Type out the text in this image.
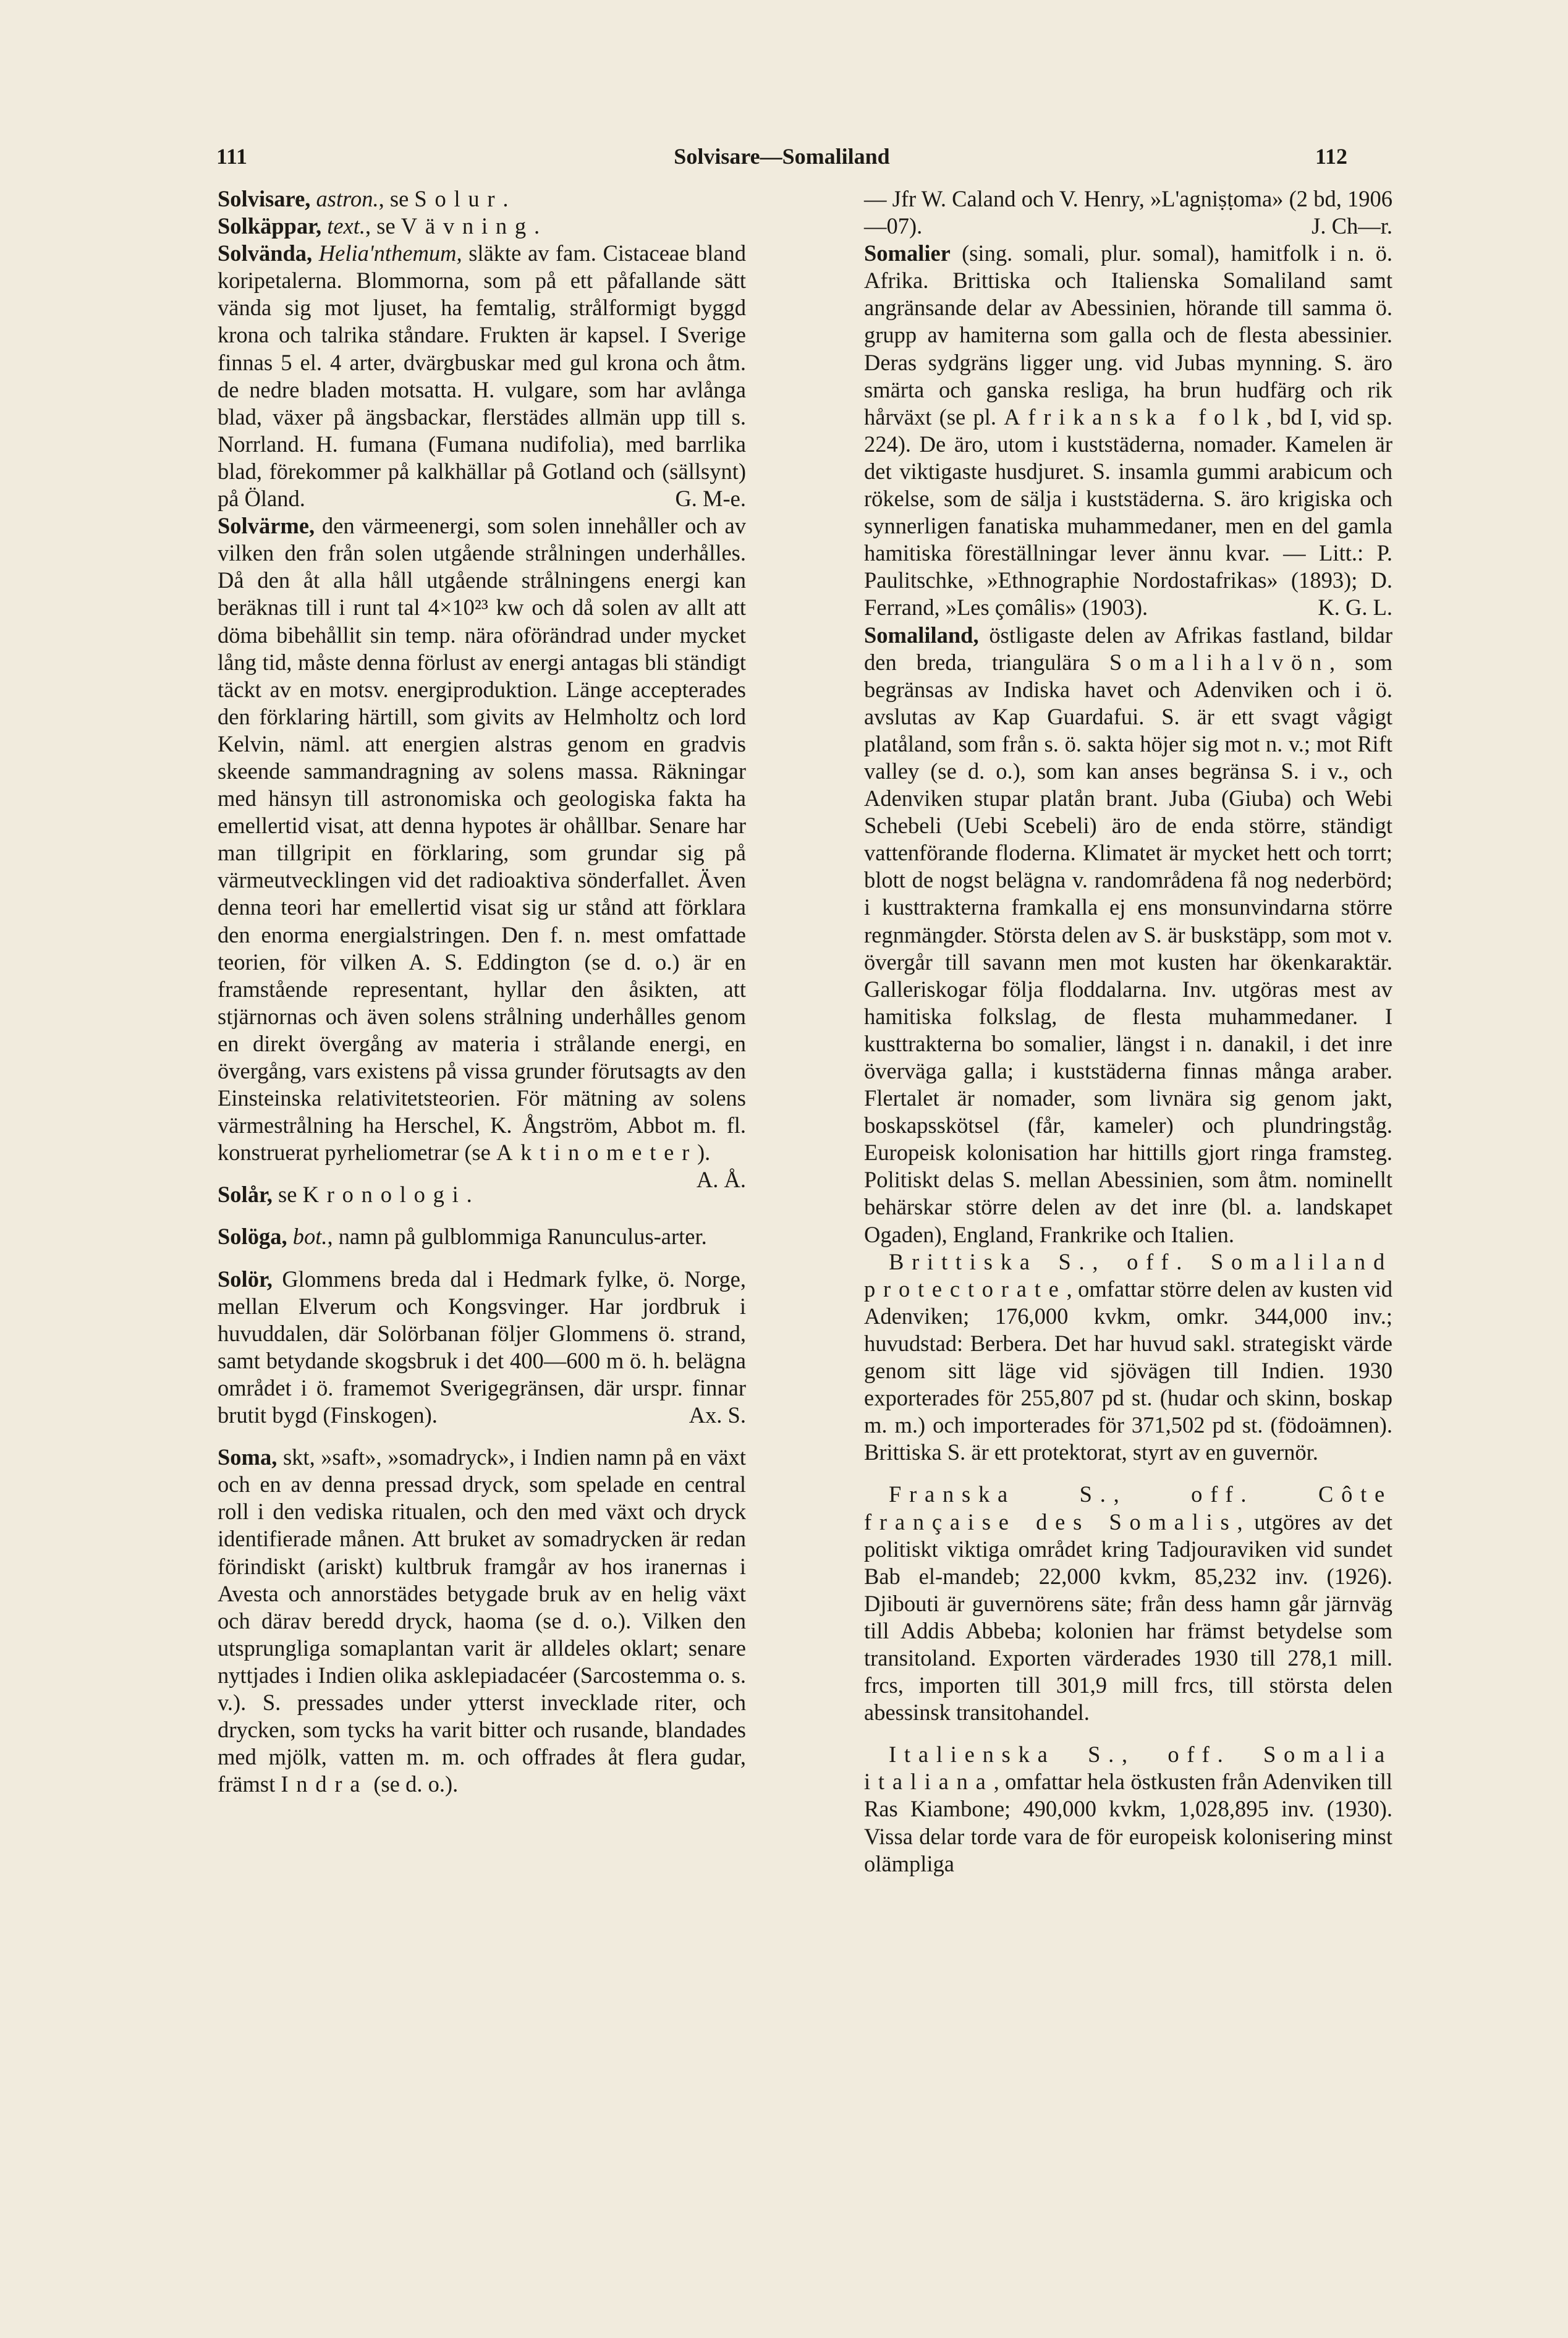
111	Solvisare—Somaliland	112

Solvisare, astron., se Solur.

Solkäppar, text., se Vävning.

Solvända, Helia'nthemum, släkte av fam. Cistaceae bland koripetalerna. Blommorna, som på ett påfallande sätt vända sig mot ljuset, ha femtalig, strålformigt byggd krona och talrika ståndare. Frukten är kapsel. I Sverige finnas 5 el. 4 arter, dvärgbuskar med gul krona och åtm. de nedre bladen motsatta. H. vulgare, som har avlånga blad, växer på ängsbackar, flerstädes allmän upp till s. Norrland. H. fumana (Fumana nudifolia), med barrlika blad, förekommer på kalkhällar på Gotland och (sällsynt) på Öland.	G. M-e.

Solvärme, den värmeenergi, som solen innehåller och av vilken den från solen utgående strålningen underhålles. Då den åt alla håll utgående strålningens energi kan beräknas till i runt tal 4×10²³ kw och då solen av allt att döma bibehållit sin temp. nära oförändrad under mycket lång tid, måste denna förlust av energi antagas bli ständigt täckt av en motsv. energiproduktion. Länge accepterades den förklaring härtill, som givits av Helmholtz och lord Kelvin, näml. att energien alstras genom en gradvis skeende sammandragning av solens massa. Räkningar med hänsyn till astronomiska och geologiska fakta ha emellertid visat, att denna hypotes är ohållbar. Senare har man tillgripit en förklaring, som grundar sig på värmeutvecklingen vid det radioaktiva sönderfallet. Även denna teori har emellertid visat sig ur stånd att förklara den enorma energialstringen. Den f. n. mest omfattade teorien, för vilken A. S. Eddington (se d. o.) är en framstående representant, hyllar den åsikten, att stjärnornas och även solens strålning underhålles genom en direkt övergång av materia i strålande energi, en övergång, vars existens på vissa grunder förutsagts av den Einsteinska relativitetsteorien. För mätning av solens värmestrålning ha Herschel, K. Ångström, Abbot m. fl. konstruerat pyrheliometrar (se Aktinometer).
A. Å.

Solår, se Kronologi.

Solöga, bot., namn på gulblommiga Ranunculus-arter.

Solör, Glommens breda dal i Hedmark fylke, ö. Norge, mellan Elverum och Kongsvinger. Har jordbruk i huvuddalen, där Solörbanan följer Glommens ö. strand, samt betydande skogsbruk i det 400—600 m ö. h. belägna området i ö. framemot Sverigegränsen, där urspr. finnar brutit bygd (Finskogen).	Ax. S.

Soma, skt, »saft», »somadryck», i Indien namn på en växt och en av denna pressad dryck, som spelade en central roll i den vediska ritualen, och den med växt och dryck identifierade månen. Att bruket av somadrycken är redan förindiskt (ariskt) kultbruk framgår av hos iranernas i Avesta och annorstädes betygade bruk av en helig växt och därav beredd dryck, haoma (se d. o.). Vilken den utsprungliga somaplantan varit är alldeles oklart; senare nyttjades i Indien olika asklepiadacéer (Sarcostemma o. s. v.). S. pressades under ytterst invecklade riter, och drycken, som tycks ha varit bitter och rusande, blandades med mjölk, vatten m. m. och offrades åt flera gudar, främst Indra (se d. o.).

— Jfr W. Caland och V. Henry, »L'agniṣṭoma» (2 bd, 1906—07).	J. Ch—r.

Somalier (sing. somali, plur. somal), hamitfolk i n. ö. Afrika. Brittiska och Italienska Somaliland samt angränsande delar av Abessinien, hörande till samma ö. grupp av hamiterna som galla och de flesta abessinier. Deras sydgräns ligger ung. vid Jubas mynning. S. äro smärta och ganska resliga, ha brun hudfärg och rik hårväxt (se pl. Afrikanska folk, bd I, vid sp. 224). De äro, utom i kuststäderna, nomader. Kamelen är det viktigaste husdjuret. S. insamla gummi arabicum och rökelse, som de sälja i kuststäderna. S. äro krigiska och synnerligen fanatiska muhammedaner, men en del gamla hamitiska föreställningar lever ännu kvar. — Litt.: P. Paulitschke, »Ethnographie Nordostafrikas» (1893); D. Ferrand, »Les çomâlis» (1903).	K. G. L.

Somaliland, östligaste delen av Afrikas fastland, bildar den breda, triangulära Somalihalvön, som begränsas av Indiska havet och Adenviken och i ö. avslutas av Kap Guardafui. S. är ett svagt vågigt platåland, som från s. ö. sakta höjer sig mot n. v.; mot Rift valley (se d. o.), som kan anses begränsa S. i v., och Adenviken stupar platån brant. Juba (Giuba) och Webi Schebeli (Uebi Scebeli) äro de enda större, ständigt vattenförande floderna. Klimatet är mycket hett och torrt; blott de nogst belägna v. randområdena få nog nederbörd; i kusttrakterna framkalla ej ens monsunvindarna större regnmängder. Största delen av S. är buskstäpp, som mot v. övergår till savann men mot kusten har ökenkaraktär. Galleriskogar följa floddalarna. Inv. utgöras mest av hamitiska folkslag, de flesta muhammedaner. I kusttrakterna bo somalier, längst i n. danakil, i det inre överväga galla; i kuststäderna finnas många araber. Flertalet är nomader, som livnära sig genom jakt, boskapsskötsel (får, kameler) och plundringståg. Europeisk kolonisation har hittills gjort ringa framsteg. Politiskt delas S. mellan Abessinien, som åtm. nominellt behärskar större delen av det inre (bl. a. landskapet Ogaden), England, Frankrike och Italien.

Brittiska S., off. Somaliland protectorate, omfattar större delen av kusten vid Adenviken; 176,000 kvkm, omkr. 344,000 inv.; huvudstad: Berbera. Det har huvud sakl. strategiskt värde genom sitt läge vid sjövägen till Indien. 1930 exporterades för 255,807 pd st. (hudar och skinn, boskap m. m.) och importerades för 371,502 pd st. (födoämnen). Brittiska S. är ett protektorat, styrt av en guvernör.

Franska S., off. Côte française des Somalis, utgöres av det politiskt viktiga området kring Tadjouraviken vid sundet Bab el-mandeb; 22,000 kvkm, 85,232 inv. (1926). Djibouti är guvernörens säte; från dess hamn går järnväg till Addis Abbeba; kolonien har främst betydelse som transitoland. Exporten värderades 1930 till 278,1 mill. frcs, importen till 301,9 mill frcs, till största delen abessinsk transitohandel.

Italienska S., off. Somalia italiana, omfattar hela östkusten från Adenviken till Ras Kiambone; 490,000 kvkm, 1,028,895 inv. (1930). Vissa delar torde vara de för europeisk kolonisering minst olämpliga
